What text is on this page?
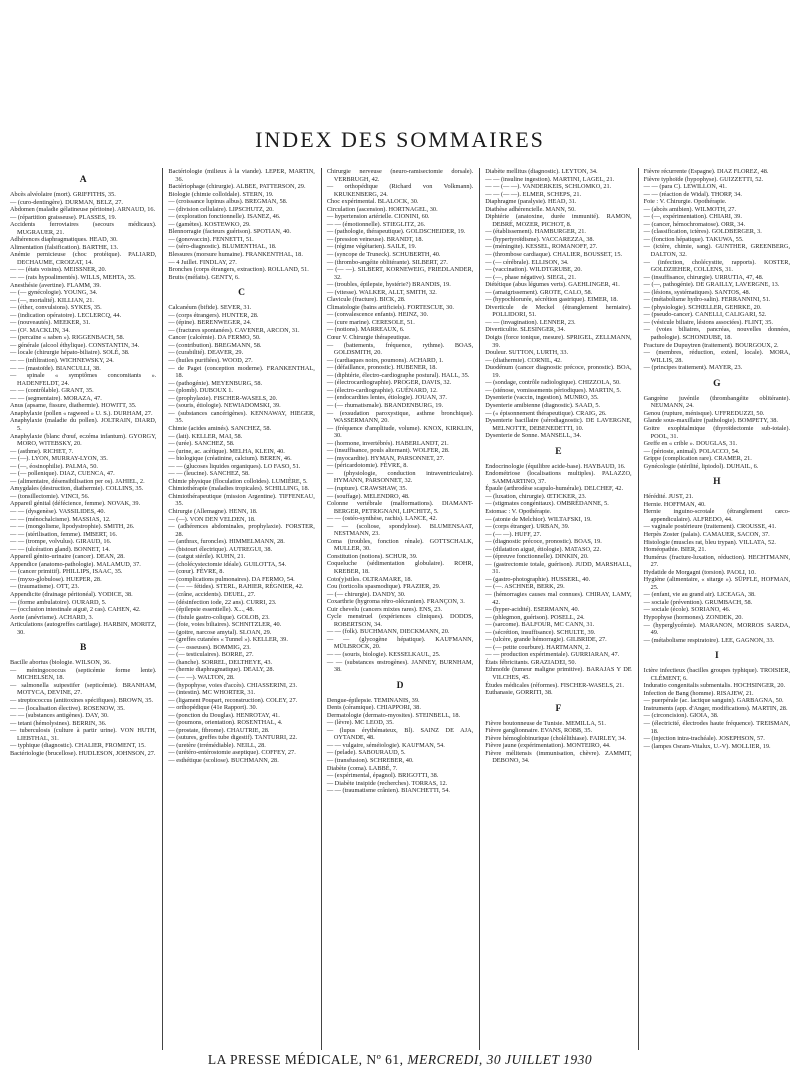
INDEX DES SOMMAIRES
A
Abcès alvéolaire (mort). GRIFFITHS, 35.
— (curo-dentingère). DURMAN, BELZ, 27.
Abdomen (maladie gélatineuse péritoine). ARNAUD, 16.
— (répartition graisseuse). PLASSES, 19.
Accidents ferroviaires (secours médicaux). MUGRAUER, 21.
Adhérences diaphragmatiques. HEAD, 30.
Alimentation (falsification). BARTHE, 13.
Anémie pernicieuse (choc protéique). PALIARD, DECHAUME, CROIZAT, 14.
— — (états voisins). MEISSNER, 20.
— — (rats hypoalimentés). WILLS, MEHTA, 35.
Anesthésie (avertine). FLAMM, 39.
— (— gynécologie). YOUNG, 34.
— (—, mortalité). KILLIAN, 21.
— (éther, convulsions). SYKES, 35.
— (indication opératoire). LECLERCQ, 44.
— (nouveautés). MEEKER, 31.
— (O². MACKLIN, 34.
— (percaïne « saben »). RIGGENBACH, 58.
— générale (alcool éthylique). CONSTANTIN, 34.
— locale (chirurgie hépato-biliaire). SOLÉ, 38.
— — (infiltration). WICHNEWSKY, 24.
— — (mastoïde). BIANCULLI, 38.
— spinale « symptômes concomitants ». HADENFELDT, 24.
— — (contrôlable). GRANT, 35.
— — (segmentaire). MORAZA, 47.
Anus (apsame, fissure, diathermie). HOWITT, 35.
Anaphylaxie (pollen « ragweed » U. S.). DURHAM, 27.
Anaphylaxie (maladie du pollen). JOLTRAIN, DIARD, 5.
Anaphylaxie (blanc d'œuf, eczéma infantum). GYORGY, MORO, WITEBSKY, 20.
— (asthme). RICHET, 7.
— (—). LYON, MURRAY-LYON, 35.
— (—, éosinophilie). PALMA, 50.
— (— pollenique). DIAZ, CUENCA, 47.
— (alimentaire, désensibilisation per os). JAHIEL, 2.
Amygdales (destruction, diathermie). COLLINS, 35.
— (tonsillectomie). VINCI, 56.
Appareil génital (défécience, femme). NOVAK, 39.
— — (dysgenèse). VASSILIDES, 40.
— — (ménochalcisme). MASSIAS, 12.
— — (mongolisme, lipodystrophie). SMITH, 26.
— — (stérilisation, femme). IMBERT, 16.
— — (trompe, volvulus). GIRAUD, 16.
— — (ulcération gland). BONNET, 14.
Appareil génito-urinaire (cancer). DEAN, 28.
Appendice (anatomo-pathologie). MALAMUD, 37.
— (cancer primitif). PHILLIPS, ISAAC, 35.
— (myxo-globulose). HUEPER, 28.
— (traumatisme). OTT, 23.
Appendicite (drainage péritonéal). YODICE, 38.
— (forme ambulatoire). OURARD, 5.
— (occlusion intestinale aiguë, 2 cas). CAHEN, 42.
Aorte (anévrisme). ACHARD, 3.
Articulations (autogreffes cartilage). HARBIN, MORITZ, 30.
B
Bacille abortus (biologie. WILSON, 36.
— méningococcus (septicémie forme lente). MICHELSEN, 18.
— salmonella suipestifer (septicémie). BRANHAM, MOTYCA, DEVINE, 27.
— streptococcus (antitoxines spécifiques). BROWN, 35.
— — (localisation élective). ROSENOW, 35.
— — (substances antigènes). DAY, 30.
— tetani (hémolysines). BERRIN, 36.
— tuberculosis (culture à partir urine). VON HUTH, LIEBTHAL, 31.
— typhique (diagnostic). CHALIER, FROMENT, 15.
Bactériologie (brucellose). HUDLESON, JOHNSON, 27.
Bactériologie (milieux à la viande). LEPER, MARTIN, 36.
Bactériophage (chirurgie). ALBEE, PATTERSON, 29.
Biologie (chimie colloïdale). STERN, 19.
— (croissance lupinus albus). BREGMAN, 58.
— (division cellulaire). LIPSCHUTZ, 20.
— (exploration fonctionnelle). ISANEZ, 46.
— (gamètes). KOSTEWKO, 29.
Blennorragie (facteurs guérison). SPOTIAN, 40.
— (gonovaccin). FENNETTI, 51.
— (séro-diagnostic). BLUMENTHAL, 18.
Blessures (morsure humaine). FRANKENTHAL, 18.
— 4 Juillet. FINDLAY, 27.
Bronches (corps étrangers, extraction). ROLLAND, 51.
Bruits (méfaits). GENTY, 6.
C
Calcanéum (bifide). SEVER, 31.
— (corps étrangers). HUNTER, 28.
— (épine). BERENWEGER, 24.
— (fractures spontanées). CAVENER, ARCON, 31.
Cancer (calcémie). DA FERMO, 50.
— (contribution). BREGMANN, 58.
— (curabilité). DEAVER, 29.
— (huiles purifiées). WOOD, 27.
— de Paget (conception moderne). FRANKENTHAL, 18.
— (pathogénie). MEYENBURG, 58.
— (plomb). DUBOUX 1.
— (prophylaxie). FISCHER-WASELS, 20.
— (souris, étiologie). NEWIADOMSKI, 39.
— (substances cancérigènes). KENNAWAY, HIEGER, 35.
Chimie (acides aminés). SANCHEZ, 58.
— (lait). KELLER, MAI, 58.
— (urée). SANCHEZ, 58.
— (urine, ac. acétique). MELHA, KLEIN, 40.
— biologique (créatinine, calcium). BEREN, 46.
— — (glucoses liquides organiques). LO FASO, 51.
— — (leucine). SANCHEZ, 58.
Chimie physique (floculation colloïdes). LUMIÈRE, 5.
Chimiothérapie (maladies tropicales). SCHILLING, 18.
Chimiothérapeutique (mission Argentine). TIFFENEAU, 35.
Chirurgie (Allemagne). HENN, 18.
— (—). VON DEN VELDEN, 18.
— (adhérences abdominales, prophylaxie). FORSTER, 28.
— (anthrax, furoncles). HIMMELMANN, 28.
— (bistouri électrique). AUTREGUI, 38.
— (catgut stérile). KUHN, 21.
— (cholécystectomie idéale). GUILOTTA, 54.
— (cœur). FÈVRE, 8.
— (complications pulmonaires). DA FERMO, 54.
— (— — fétides). STERL, RAHIER, RÉGNIER, 42.
— (crâne, accidents). DEUEL, 27.
— (désinfection iode, 22 ans). CURRI, 23.
— (épilepsie essentielle). X..., 48.
— (fistule gastro-colique). GOLOB, 23.
— (foie, voies biliaires). SCHNITZLER, 40.
— (goitre, narcose amytal). SLOAN, 29.
— (greffes cutanées « Tunnel »). KELLER, 39.
— (— osseuses). BOMMIG, 23.
— (— testiculaires). BORRE, 27.
— (hanche). SORREL, DELTHEYE, 43.
— (hernie diaphragmatique). DEALY, 28.
— (— —). WALTON, 28.
— (hypophyse, voies d'accès). CHIASSERINI, 23.
— (intestin). MC WHORTER, 31.
— (ligament Poupart, reconstruction). COLEY, 27.
— orthopédique (41e Rapport). 30.
— (ponction du Douglas). HENROTAY, 41.
— (poumons, orientation). ROSENTHAL, 4.
— (prostate, fibrome). CHAUTRIE, 28.
— (sutures, greffes tube digestif). TANTURRI, 22.
— (uretère (irrémédiable). NEILL, 28.
— (urétéro-entérostomie aseptique). COFFEY, 27.
— esthétique (scoliose). BUCHMANN, 28.
Chirurgie nerveuse (neuro-ramisectomie dorsale). VERBRUGH, 42.
— orthopédique (Richard von Volkmann). KRUKENBERG, 24.
Choc expérimental. BLALOCK, 30.
Circulation (ascension). HORTNAGEL, 30.
— hypertension artérielle. CIONINI, 60.
— — (émotionnelle). STIEGLITZ, 26.
— (pathologie, thérapeutique). GOLDSCHEIDER, 19.
— (pression veineuse). BRANDT, 18.
— (régime végétarien). SAILE, 19.
— (syncope de Truneck). SCHUBERTH, 40.
— (thrombo-angéite oblitérante). SILBERT, 27.
— (— —). SILBERT, KORNEWEIG, FRIEDLANDER, 32.
— (troubles, épilepsie, hystérie?) BRANDIS, 19.
— (vitesse). WALKER, ALLT, SMITH, 32.
Clavicule (fracture). BICK, 28.
Climatologie (bains artificiels). FORTESCUE, 30.
— (convalescence enfants). HEINZ, 30.
— (cure marine). CERESOLE, 51.
— (notions). MARREAUX, 6.
Cœur V. Chirurgie thérapeutique.
— (battements, fréquence, rythme). BOAS, GOLDSMITH, 20.
— (cardiaques noirs, poumons). ACHARD, 1.
— (défaillance, pronostic). HUBENER, 18.
— (diphtérie, électro-cardiographe postural). HALL, 35.
— (électrocardiographie). PROGER, DAVIS, 32.
— (électro-cardiographie). GUÉNARD, 12.
— (endocardites lentes, étiologie). JOUAN, 37.
— (— rhumatismale). BRANDENBURG, 19.
— (exsudation paroxystique, asthme bronchique). WASSERMANN, 20.
— (fréquence d'amplitude, volume). KNOX, KIRKLIN, 30.
— (hormone, invertébrés). HABERLANDT, 21.
— (insuffisance, pouls alternant). WOLFER, 28.
— (myocardite). HYMAN, PARSONNET, 27.
— (péricardotomie). FÈVRE, 8.
— (physiologie, conduction intraventriculaire). HYMANN, PARSONNET, 32.
— (rupture). CRAWSHAW, 35.
— (souffage). MELENDRO, 48.
Colonne vertébrale (malformations). DIAMANT-BERGER, PETRIGNANI, LIPCHITZ, 5.
— — (ostéo-synthèse, rachis). LANCE, 42.
— — (scoliose, spondylose). BLUMENSAAT, NESTMANN, 23.
Coma (troubles, fonction rénale). GOTTSCHALK, MULLER, 30.
Constitution (notions). SCHUR, 39.
Coqueluche (sédimentation globulaire). ROHR, KREBER, 18.
Coto(y)stiles. OLTRAMARE, 18.
Cou (torticolis spasmodique). FRAZIER, 29.
— (— chirurgie). DANDY, 30.
Coxarthrie (hygroma rétro-olécranien). FRANÇON, 3.
Cuir chevelu (cancers mixtes rares). ENS, 23.
Cycle menstruel (expériences cliniques). DODDS, ROBERTSON, 34.
— — (folk). BUCHMANN, DIECKMANN, 20.
— — (glycogène hépatique). KAUFMANN, MÜLBROCK, 20.
— — (souris, biologie). KESSELKAUL, 25.
— — (substances œstrogènes). JANNEY, BURNHAM, 38.
D
Dengue-épilepsie. TEMINANIS, 39.
Dents (céramique). CHIAPPORI, 38.
Dermatologie (dermato-myosites). STEINBELL, 18.
— (lèvre). MC LEOD, 35.
— (lupus érythémateux, Bl). SAINZ DE AJA, OYTANDE, 48.
— — vulgaire, séméiologie). KAUFMAN, 54.
— (pelade). SABOURAUD, 5.
— (transfusion). SCHREBER, 40.
Diabète (coma). LABBÉ, 7.
— (expérimental, épagnol). BRIGOTTI, 38.
— Diabète insipide (recherches). TORRAS, 12.
— — (traumatisme crânien). BIANCHETTI, 54.
Diabète mellitus (diagnostic). LEYTON, 34.
— — (insuline ingestion). MARTINI, LAGEL, 21.
— — (— —). VANDERKEIS, SCHLOMKO, 21.
— — (— —). ELMER, SCHEPS, 21.
Diaphragme (paralysie). HEAD, 31.
Diathèse adhérencielle. MANN, 50.
Diphtérie (anatoxine, durée immunité). RAMON, DEBRÉ, MOZER, PICHOT, 8.
— (établissement). HAMBURGER, 21.
— (hypertyroïdisme). VACCAREZZA, 38.
— (méningite). KESSEL, ROMANOFF, 27.
— (thrombose cardiaque). CHALIER, BOUSSET, 15.
— (— cérébrale). ELLISON, 34.
— (vaccination). WILDTGRUBE, 20.
— (—, phase négative). SIEGL, 21.
Diététique (abus légumes verts). GAEHLINGER, 41.
— (amaigrissement). GROTE, CALO, 58.
— (hypochlorurée, sécrétion gastrique). EIMER, 18.
Diverticule de Meckel (étranglement herniaire). POLLIDORI, 51.
— — (invagination). LENNER, 23.
Diverticulite. SLESINGER, 34.
Doigts (force tonique, mesure). SPRIGEL, ZELLMANN, 39.
Douleur. SUTTON, LURTH, 33.
— (diathermie). CORNIL, 42.
Duodénum (cancer diagnostic précoce, pronostic). BOA, 19.
— (sondage, contrôle radiologique). CHIZZOLA, 50.
— (sténose, vomissements périodiques). MARTIN, 5.
Dysenterie (vaccin, ingestion). MUNRO, 35.
Dysenterie amibienne (diagnostic). SAAD, 5.
— (« épisonnement thérapeutique). CRAIG, 26.
Dysenterie bacillaire (sérodiagnostic). DE LAVERGNE, MELNOTTE, DEBENEDETTI, 10.
Dysenterie de Sonne. MANSELL, 34.
E
Endocrinologie (équilibre acide-base). HAYBAUD, 16.
Endométriose (localisations multiples). PALAZZO, SAMMARTINO, 37.
Épaule (arthrodèse scapulo-humérale). DELCHEF, 42.
— (luxation, chirurgie). ŒTICKER, 23.
— (stigmates congénitaux). OMBRÉDANNE, 5.
Estomac : V. Opothérapie.
— (atonie de Melchior). WILTAFSKI, 19.
— (corps étranger). URBAN, 39.
— (— —). HUFF, 27.
— (diagnostic précoce, pronostic). BOAS, 19.
— (dilatation aiguë, étiologie). MATASO, 22.
— (épreuve fonctionnelle). DINKIN, 20.
— (gastrectomie totale, guérison). JUDD, MARSHALL, 31.
— (gastro-photographie). HUSSERL, 40.
— (—. ASCHNER, BERK, 29.
— (hémorragies causes mal connues). CHIRAY, LAMY, 42.
— (hyper-acidité). ESERMANN, 40.
— (phlegmon, guérison). POSELL, 24.
— (sarcome). BALFOUR, MC CANN, 31.
— (sécrétion, insuffisance). SCHULTE, 39.
— (ulcère, grande hémorragie). GILBRIDE, 27.
— (— petite courbure). HARTMANN, 2.
— — production expérimentale). GURRIARAN, 47.
États fébricitants. GRAZIADEI, 50.
Ethmoïde (tumeur maligne primitive). BARAJAS Y DE VILCHES, 45.
Études médicales (réformes). FISCHER-WASELS, 21.
Euthanasie, GORRITI, 38.
F
Fièvre boutonneuse de Tunisie. MEMILLA, 51.
Fièvre ganglionnaire. EVANS, ROBB, 35.
Fièvre hémoglobinurique (cholélithiase). FAIRLEY, 34.
Fièvre jaune (expérimentation). MONTEIRO, 44.
Fièvre mélitensis (immunisation, chèvre). ZAMMIT, DEBONO, 34.
Fièvre récurrente (Espagne). DIAZ FLOREZ, 48.
Fièvre typhoïde (hypophyse). GUIZZETTI, 52.
— — (para C). LEWILLON, 41.
— — (réaction de Widal). THORP, 34.
Foie : V. Chirurgie. Opothérapie.
— (abcès amibien). WILMOTH, 27.
— (—, expérimentation). CHIARI, 39.
— (cancer, hémochromatose). ORR, 34.
— (classification, ictères). GOLDBERGER, 3.
— (fonction hépatique). TAKUWA, 55.
— (ictère, chimie, sang). GUNTHER, GREENBERG, DALTON, 32.
— (infection, cholécystite, rapports). KOSTER, GOLDZIEHER, COLLENS, 31.
— (insuffisance, chirurgie). URRUTIA, 47, 48.
— (—, pathogénie). DE GRAILLY, LAVERGNE, 13.
— (lésions, systématiques). SANTOS, 48.
— (métabolisme hydro-salin). FERRANNINI, 51.
— (physiologie). SCHŒLLER, GEHRKE, 20.
— (pseudo-cancer). CANELLI, CALIGARI, 52.
— (vésicule biliaire, lésions associées). FLINT, 35.
— (voies biliaires, pancréas, nouvelles données, pathologie). SCHONDUBE, 18.
Fracture de Dupuytren (traitement). BOURGOUX, 2.
— (membres, réduction, extenl, locale). MORA, WILLIS, 28.
— (principes traitement). MAYER, 23.
G
Gangrène juvénile (thrombangéite oblitérante). NEUMANN, 24.
Genou (rupture, ménisque). UFFREDUZZI, 50.
Glande sous-maxillaire (pathologie). BOMPETY, 38.
Goitre exophtalmique (thyroïdectomie sub-totale). POOL, 31.
Greffe en « crible ». DOUGLAS, 31.
— (périoste, animal). POLACCO, 54.
Grippe (complication rare). CRAMER, 21.
Gynécologie (stérilité, lipiodol). DUHAIL, 6.
H
Hérédité. JUST, 21.
Hernie. HOFFMAN, 40.
Hernie inguino-scrotale (étranglement cæco-appendiculaire). ALFREDO, 44.
— vaginale postérieure (traitement). CROUSSE, 41.
Herpès Zoster (palais). CAMAUER, SACON, 37.
Histologie (muscles rat, bleu trypan). VILLATA, 52.
Homéopathie. BIER, 21.
Humérus (fracture-luxation, réduction). HECHTMANN, 27.
Hydatide de Morgagni (torsion). PAOLI, 10.
Hygiène (alimentaire, « sitarge »). SÜPFLE, HOFMAN, 25.
— (enfant, vie au grand air). LICEAGA, 38.
— sociale (prévention). GRUMBACH, 58.
— sociale (école). SORIANO, 46.
Hypophyse (hormones). ZONDEK, 20.
— (hyperglycémie). MARANON, MORROS SARDA, 49.
— (métabolisme respiratoire). LEE, GAGNON, 33.
I
Ictère infectieux (bacilles groupes typhique). TROISIER, CLÉMENT, 6.
Induratio congenitalis submentalis. HOCHSINGER, 20.
Infection de Bang (homme). RISAJEW, 21.
— puerpérale (ac. lactique sanguin). GARBAGNA, 50.
Instruments (app. d'Anger, modifications). MARTIN, 28.
— (circoncision). GIOIA, 38.
— (électricité, électrodes haute fréquence). TREISMAN, 18.
— (injection intra-trachéale). JOSEPHSON, 57.
— (lampes Osram-Vitalux, U.-V). MOLLIER, 19.
LA PRESSE MÉDICALE, Nº 61, MERCREDI, 30 JUILLET 1930
